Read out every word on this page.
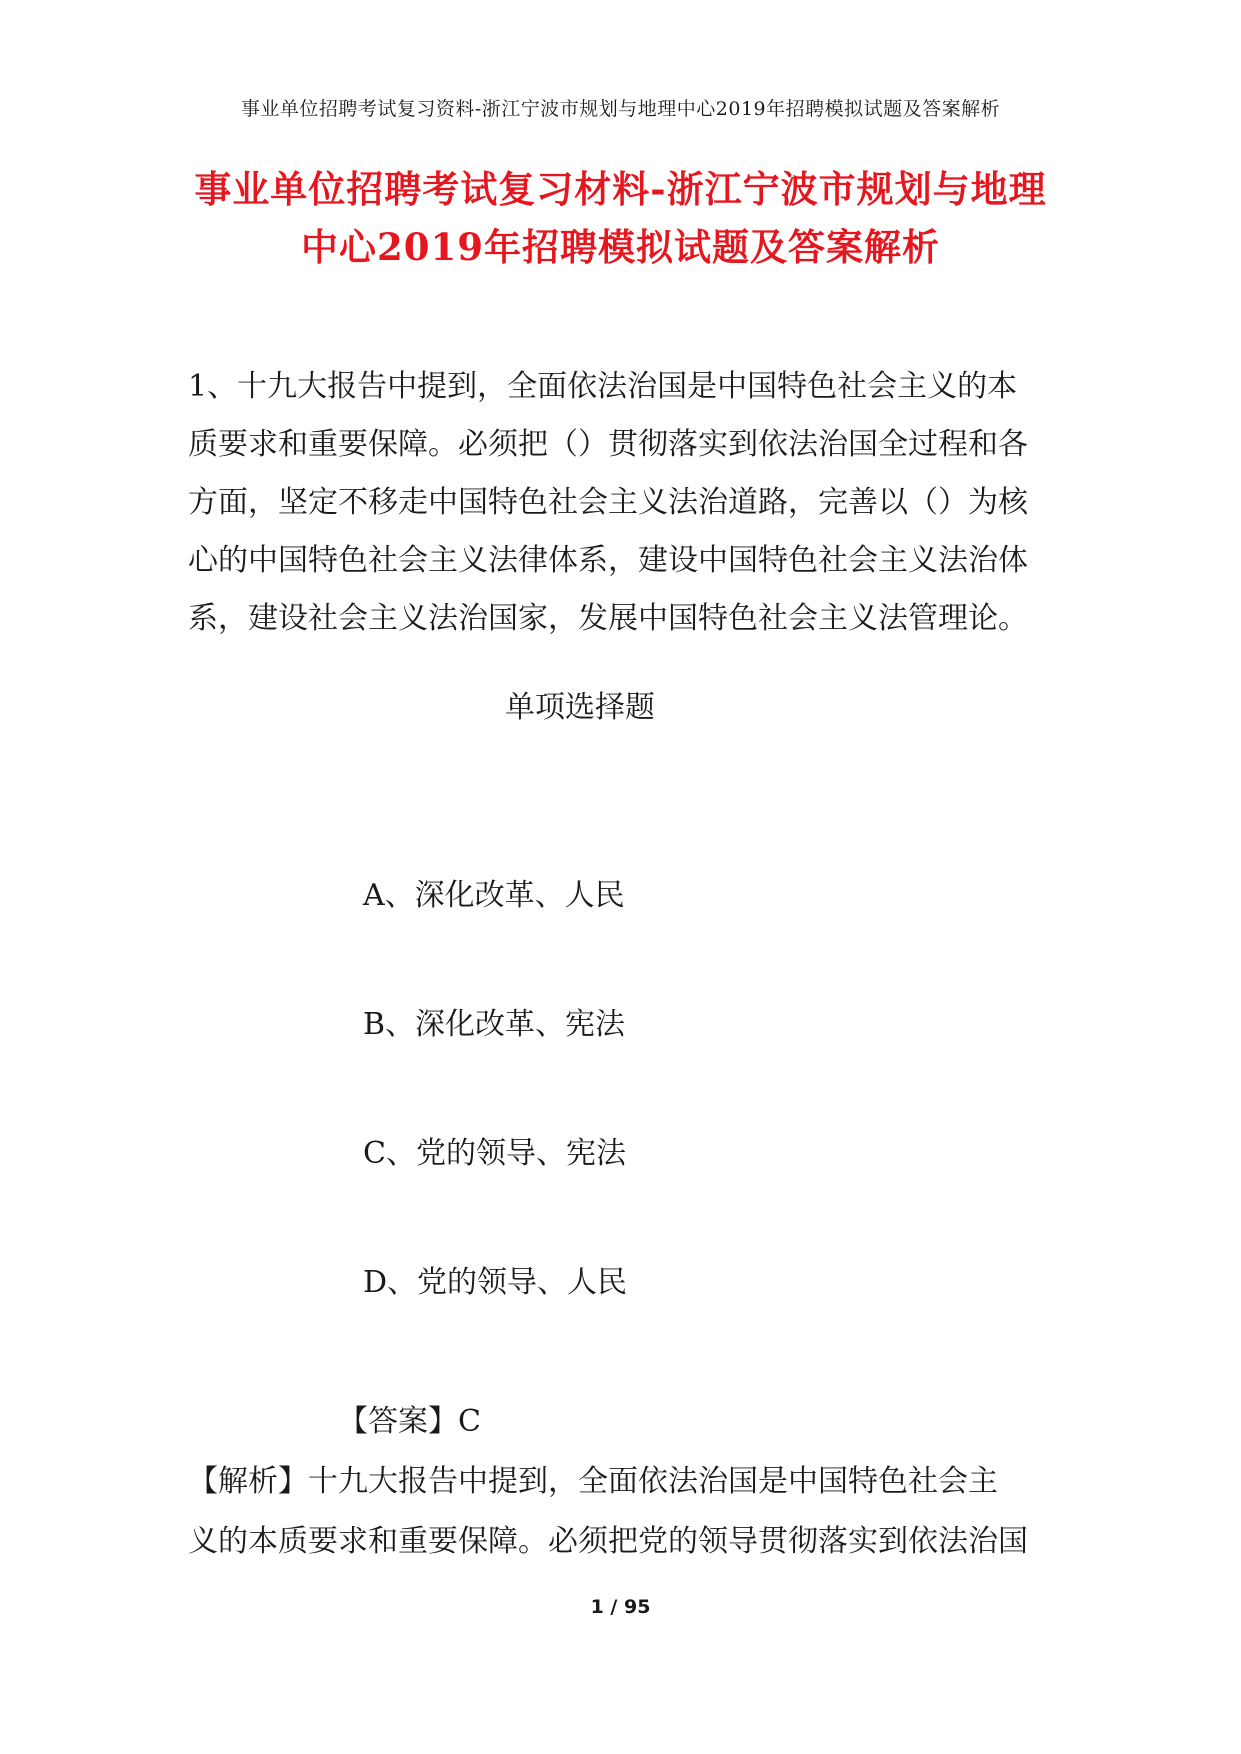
事业单位招聘考试复习资料-浙江宁波市规划与地理中心2019年招聘模拟试题及答案解析
事业单位招聘考试复习材料-浙江宁波市规划与地理
中心2019年招聘模拟试题及答案解析
1、十九大报告中提到，全面依法治国是中国特色社会主义的本
质要求和重要保障。必须把（）贯彻落实到依法治国全过程和各
方面，坚定不移走中国特色社会主义法治道路，完善以（）为核
心的中国特色社会主义法律体系，建设中国特色社会主义法治体
系，建设社会主义法治国家，发展中国特色社会主义法管理论。
单项选择题
A、深化改革、人民
B、深化改革、宪法
C、党的领导、宪法
D、党的领导、人民
【答案】C
【解析】十九大报告中提到，全面依法治国是中国特色社会主
义的本质要求和重要保障。必须把党的领导贯彻落实到依法治国
1 / 95
